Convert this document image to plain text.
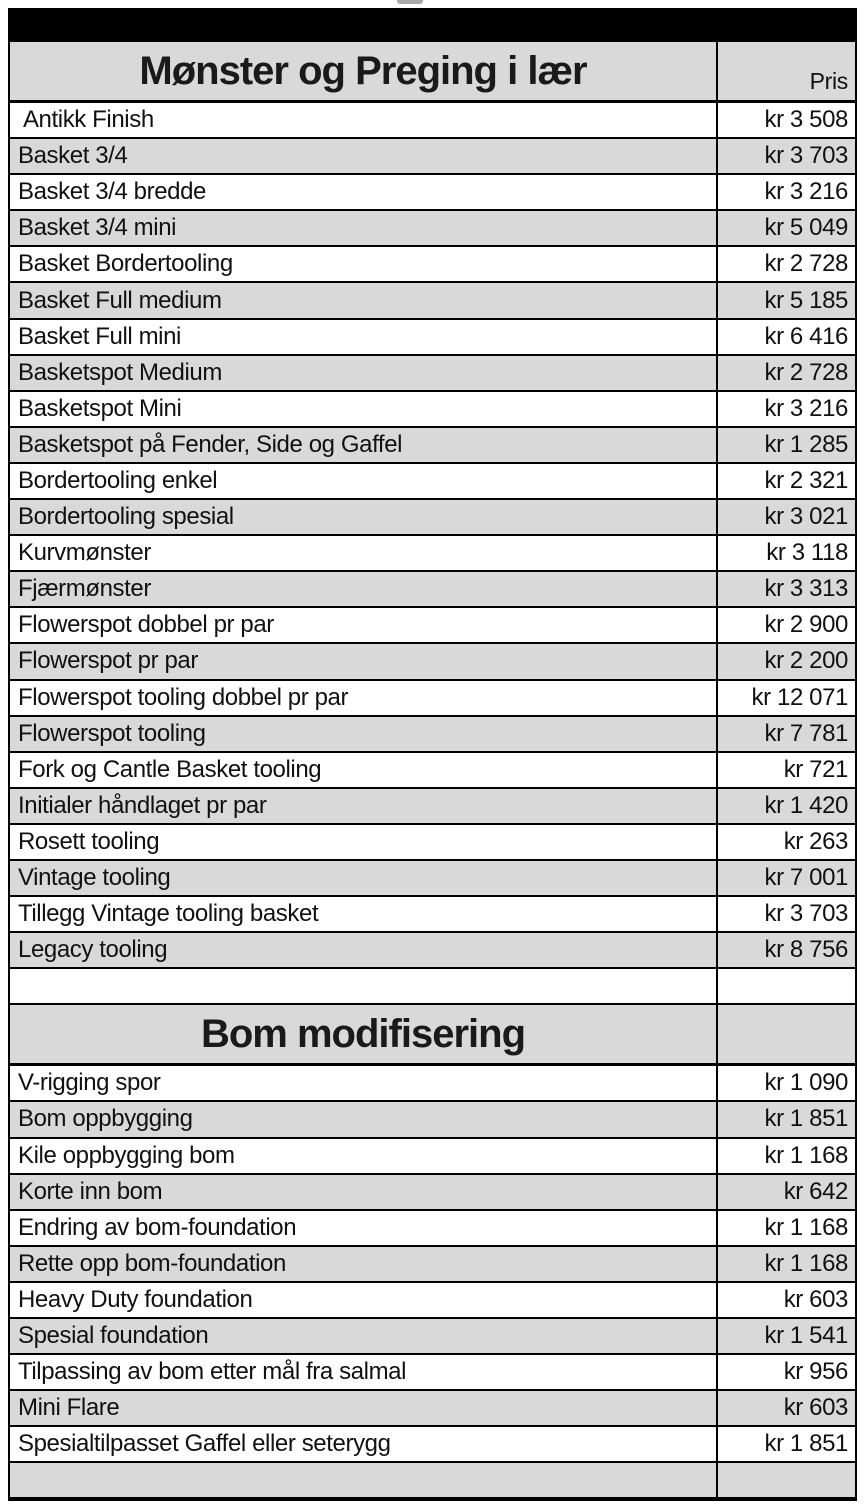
Mønster og Preging i lær	Pris
Antikk Finish	kr 3 508
Basket 3/4	kr 3 703
Basket 3/4 bredde	kr 3 216
Basket 3/4 mini	kr 5 049
Basket Bordertooling	kr 2 728
Basket Full medium	kr 5 185
Basket Full mini	kr 6 416
Basketspot Medium	kr 2 728
Basketspot Mini	kr 3 216
Basketspot på Fender, Side og Gaffel	kr 1 285
Bordertooling enkel	kr 2 321
Bordertooling spesial	kr 3 021
Kurvmønster	kr 3 118
Fjærmønster	kr 3 313
Flowerspot dobbel pr par	kr 2 900
Flowerspot pr par	kr 2 200
Flowerspot tooling dobbel pr par	kr 12 071
Flowerspot tooling	kr 7 781
Fork og Cantle Basket tooling	kr 721
Initialer håndlaget pr par	kr 1 420
Rosett tooling	kr 263
Vintage tooling	kr 7 001
Tillegg Vintage tooling basket	kr 3 703
Legacy tooling	kr 8 756
Bom modifisering
V-rigging spor	kr 1 090
Bom oppbygging	kr 1 851
Kile oppbygging bom	kr 1 168
Korte inn bom	kr 642
Endring av bom-foundation	kr 1 168
Rette opp bom-foundation	kr 1 168
Heavy Duty foundation	kr 603
Spesial foundation	kr 1 541
Tilpassing av bom etter mål fra salmal	kr 956
Mini Flare	kr 603
Spesialtilpasset Gaffel eller seterygg	kr 1 851
